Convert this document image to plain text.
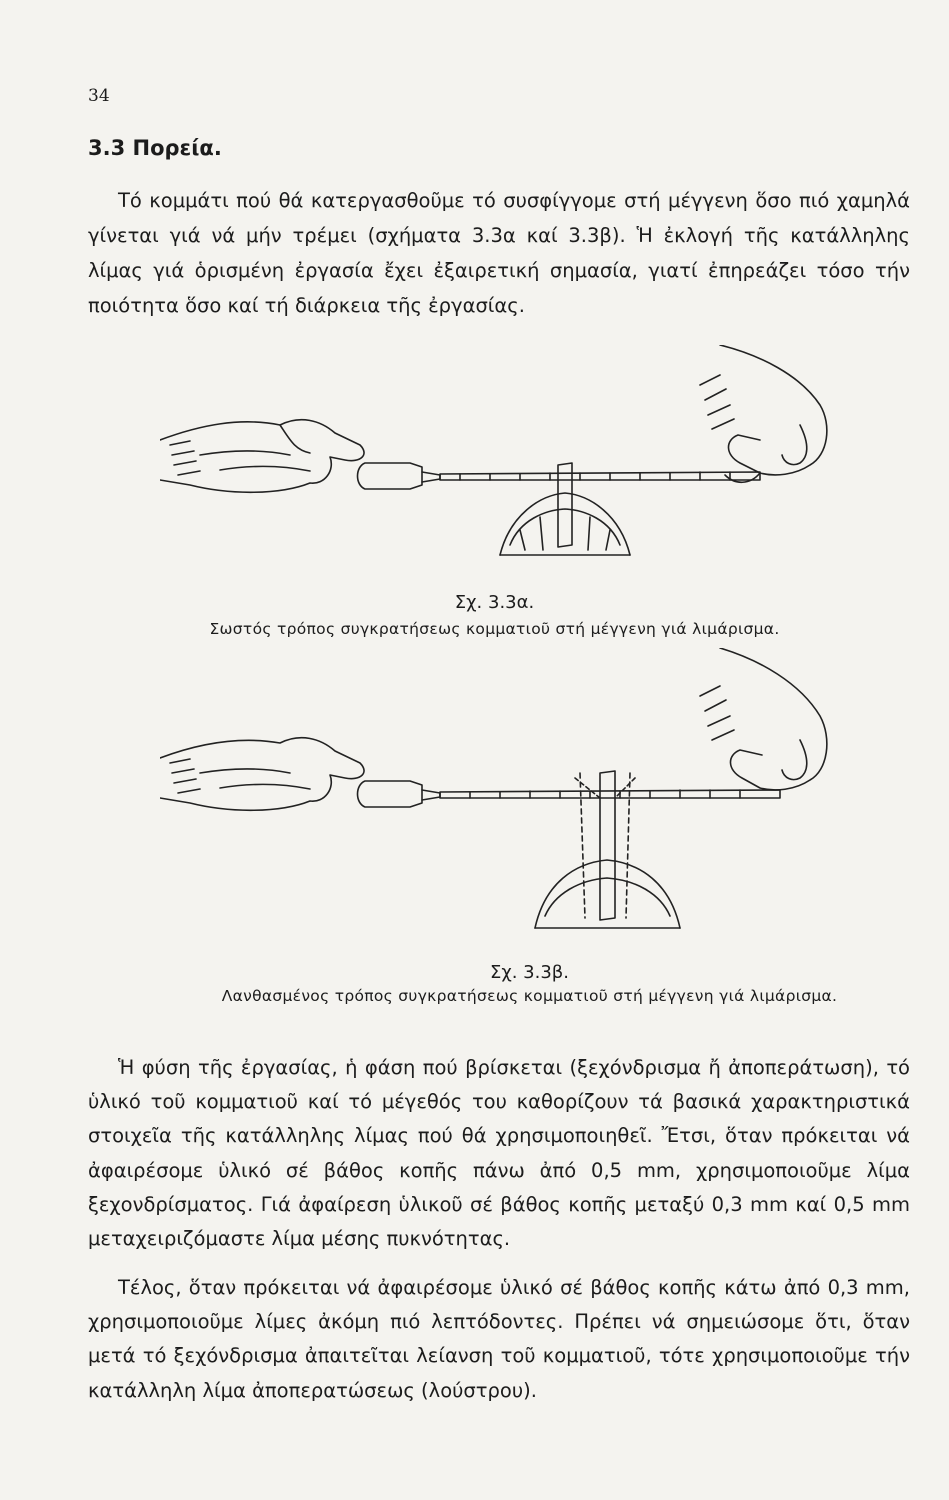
34
3.3 Πορεία.

Τό κομμάτι πού θά κατεργασθοῦμε τό συσφίγγομε στή μέγγενη ὅσο πιό χαμηλά γίνεται γιά νά μήν τρέμει (σχήματα 3.3α καί 3.3β). Ἡ ἐκλογή τῆς κατάλληλης λίμας γιά ὁρισμένη ἐργασία ἔχει ἐξαιρετική σημασία, γιατί ἐπηρεάζει τόσο τήν ποιότητα ὅσο καί τή διάρκεια τῆς ἐργασίας.

Σχ. 3.3α.

Σωστός τρόπος συγκρατήσεως κομματιοῦ στή μέγγενη γιά λιμάρισμα.

Σχ. 3.3β.

Λανθασμένος τρόπος συγκρατήσεως κομματιοῦ στή μέγγενη γιά λιμάρισμα.

Ἡ φύση τῆς ἐργασίας, ἡ φάση πού βρίσκεται (ξεχόνδρισμα ἤ ἀποπεράτωση), τό ὑλικό τοῦ κομματιοῦ καί τό μέγεθός του καθορίζουν τά βασικά χαρακτηριστικά στοιχεῖα τῆς κατάλληλης λίμας πού θά χρησιμοποιηθεῖ. Ἔτσι, ὅταν πρόκειται νά ἀφαιρέσομε ὑλικό σέ βάθος κοπῆς πάνω ἀπό 0,5 mm, χρησιμοποιοῦμε λίμα ξεχονδρίσματος. Γιά ἀφαίρεση ὑλικοῦ σέ βάθος κοπῆς μεταξύ 0,3 mm καί 0,5 mm μεταχειριζόμαστε λίμα μέσης πυκνότητας.

Τέλος, ὅταν πρόκειται νά ἀφαιρέσομε ὑλικό σέ βάθος κοπῆς κάτω ἀπό 0,3 mm, χρησιμοποιοῦμε λίμες ἀκόμη πιό λεπτόδοντες. Πρέπει νά σημειώσομε ὅτι, ὅταν μετά τό ξεχόνδρισμα ἀπαιτεῖται λείανση τοῦ κομματιοῦ, τότε χρησιμοποιοῦμε τήν κατάλληλη λίμα ἀποπερατώσεως (λούστρου).
